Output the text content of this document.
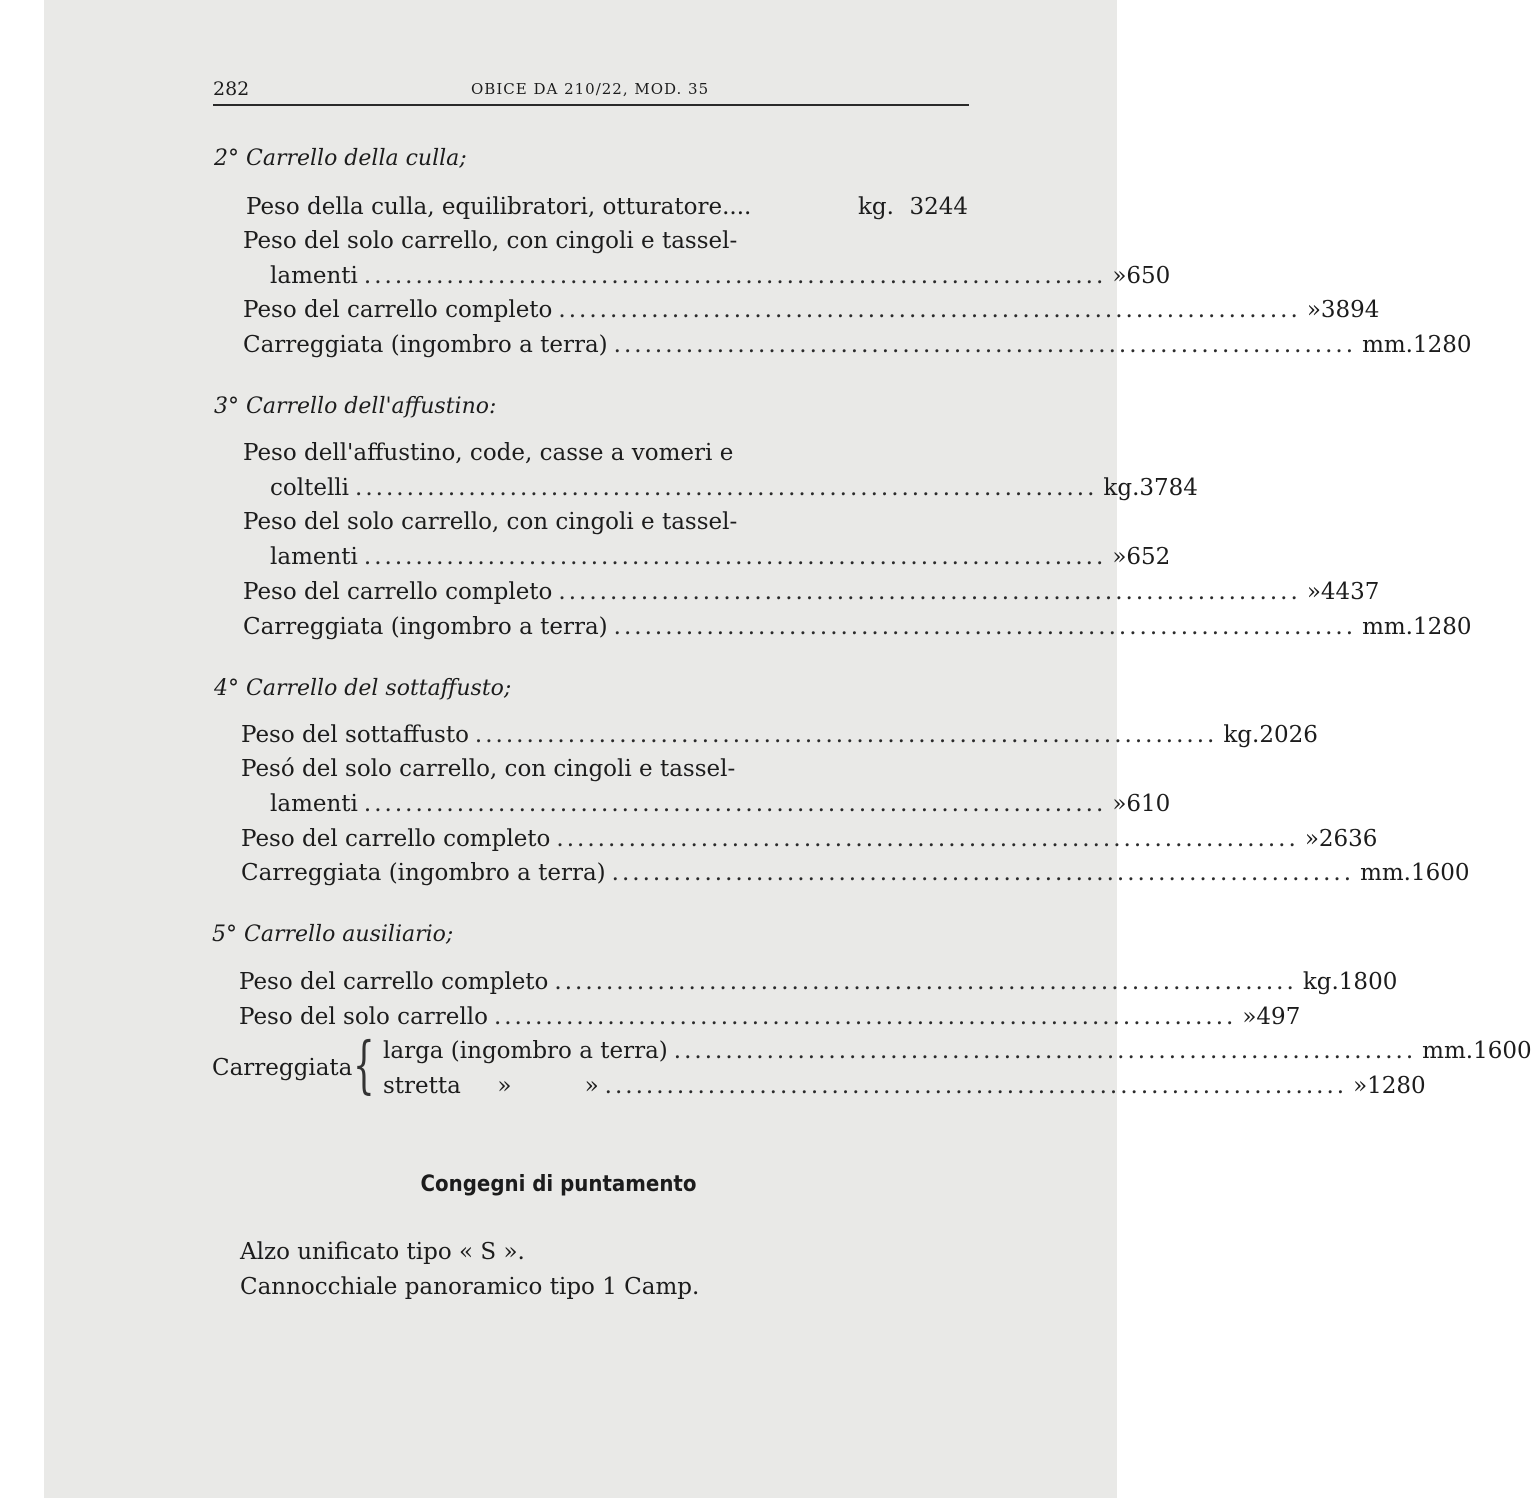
282	OBICE DA 210/22, MOD. 35
2° Carrello della culla;
Peso della culla, equilibratori, otturatore....	kg. 3244
Peso del solo carrello, con cingoli e tassel-
lamenti ........................................................................ » 650
Peso del carrello completo ........................................................................ » 3894
Carreggiata (ingombro a terra) ........................................................................ mm. 1280
3° Carrello dell'affustino:
Peso dell'affustino, code, casse a vomeri e
coltelli ........................................................................ kg. 3784
Peso del solo carrello, con cingoli e tassel-
lamenti ........................................................................ » 652
Peso del carrello completo ........................................................................ » 4437
Carreggiata (ingombro a terra) ........................................................................ mm. 1280
4° Carrello del sottaffusto;
Peso del sottaffusto ........................................................................ kg. 2026
Pesó del solo carrello, con cingoli e tassel-
lamenti ........................................................................ » 610
Peso del carrello completo ........................................................................ » 2636
Carreggiata (ingombro a terra) ........................................................................ mm. 1600
5° Carrello ausiliario;
Peso del carrello completo ........................................................................ kg. 1800
Peso del solo carrello ........................................................................ » 497
Carreggiata { larga (ingombro a terra) ........................................................................ mm. 1600
stretta     »          » ........................................................................ » 1280
Congegni di puntamento
Alzo unificato tipo « S ».
Cannocchiale panoramico tipo 1 Camp.
